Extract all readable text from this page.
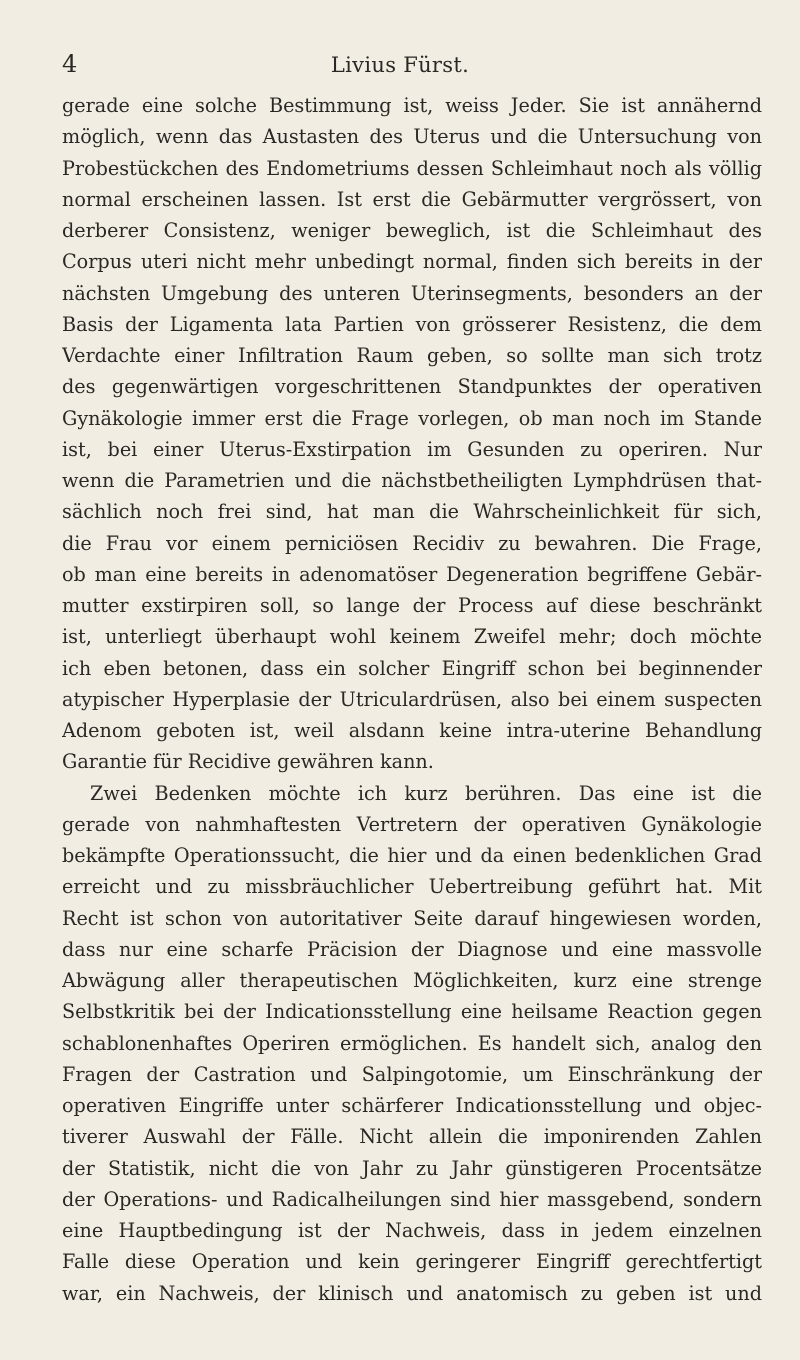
4	Livius Fürst.
gerade eine solche Bestimmung ist, weiss Jeder. Sie ist annähernd
möglich, wenn das Austasten des Uterus und die Untersuchung von
Probestückchen des Endometriums dessen Schleimhaut noch als völlig
normal erscheinen lassen. Ist erst die Gebärmutter vergrössert, von
derberer Consistenz, weniger beweglich, ist die Schleimhaut des
Corpus uteri nicht mehr unbedingt normal, finden sich bereits in der
nächsten Umgebung des unteren Uterinsegments, besonders an der
Basis der Ligamenta lata Partien von grösserer Resistenz, die dem
Verdachte einer Infiltration Raum geben, so sollte man sich trotz
des gegenwärtigen vorgeschrittenen Standpunktes der operativen
Gynäkologie immer erst die Frage vorlegen, ob man noch im Stande
ist, bei einer Uterus-Exstirpation im Gesunden zu operiren. Nur
wenn die Parametrien und die nächstbetheiligten Lymphdrüsen that-
sächlich noch frei sind, hat man die Wahrscheinlichkeit für sich,
die Frau vor einem perniciösen Recidiv zu bewahren. Die Frage,
ob man eine bereits in adenomatöser Degeneration begriffene Gebär-
mutter exstirpiren soll, so lange der Process auf diese beschränkt
ist, unterliegt überhaupt wohl keinem Zweifel mehr; doch möchte
ich eben betonen, dass ein solcher Eingriff schon bei beginnender
atypischer Hyperplasie der Utriculardrüsen, also bei einem suspecten
Adenom geboten ist, weil alsdann keine intra-uterine Behandlung
Garantie für Recidive gewähren kann.
Zwei Bedenken möchte ich kurz berühren. Das eine ist die
gerade von nahmhaftesten Vertretern der operativen Gynäkologie
bekämpfte Operationssucht, die hier und da einen bedenklichen Grad
erreicht und zu missbräuchlicher Uebertreibung geführt hat. Mit
Recht ist schon von autoritativer Seite darauf hingewiesen worden,
dass nur eine scharfe Präcision der Diagnose und eine massvolle
Abwägung aller therapeutischen Möglichkeiten, kurz eine strenge
Selbstkritik bei der Indicationsstellung eine heilsame Reaction gegen
schablonenhaftes Operiren ermöglichen. Es handelt sich, analog den
Fragen der Castration und Salpingotomie, um Einschränkung der
operativen Eingriffe unter schärferer Indicationsstellung und objec-
tiverer Auswahl der Fälle. Nicht allein die imponirenden Zahlen
der Statistik, nicht die von Jahr zu Jahr günstigeren Procentsätze
der Operations- und Radicalheilungen sind hier massgebend, sondern
eine Hauptbedingung ist der Nachweis, dass in jedem einzelnen
Falle diese Operation und kein geringerer Eingriff gerechtfertigt
war, ein Nachweis, der klinisch und anatomisch zu geben ist und
